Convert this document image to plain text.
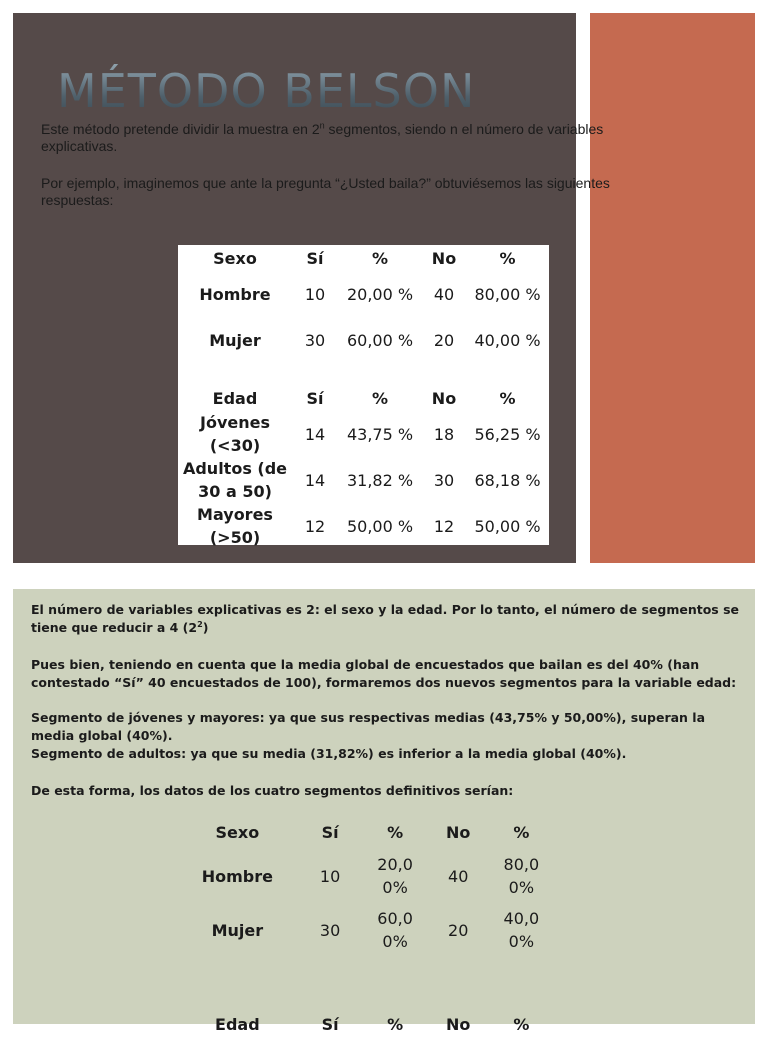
MÉTODO BELSON
Este método pretende dividir la muestra en 2$^n$ segmentos, siendo n el número de variables explicativas.
Por ejemplo, imaginemos que ante la pregunta “¿Usted baila?” obtuviésemos las siguientes respuestas:
Sexo	Sí	%	No	%
Hombre	10	20,00 %	40	80,00 %
Mujer	30	60,00 %	20	40,00 %

Edad	Sí	%	No	%
Jóvenes (<30)	14	43,75 %	18	56,25 %
Adultos (de 30 a 50)	14	31,82 %	30	68,18 %
Mayores (>50)	12	50,00 %	12	50,00 %
El número de variables explicativas es 2: el sexo y la edad. Por lo tanto, el número de segmentos se tiene que reducir a 4 $(2^2)$
Pues bien, teniendo en cuenta que la media global de encuestados que bailan es del 40% (han contestado “Sí” 40 encuestados de 100), formaremos dos nuevos segmentos para la variable edad:
Segmento de jóvenes y mayores: ya que sus respectivas medias (43,75% y 50,00%), superan la media global (40%).
Segmento de adultos: ya que su media (31,82%) es inferior a la media global (40%).
De esta forma, los datos de los cuatro segmentos definitivos serían:
Sexo	Sí	%	No	%
Hombre	10	20,0 0%	40	80,0 0%
Mujer	30	60,0 0%	20	40,0 0%

Edad	Sí	%	No	%
